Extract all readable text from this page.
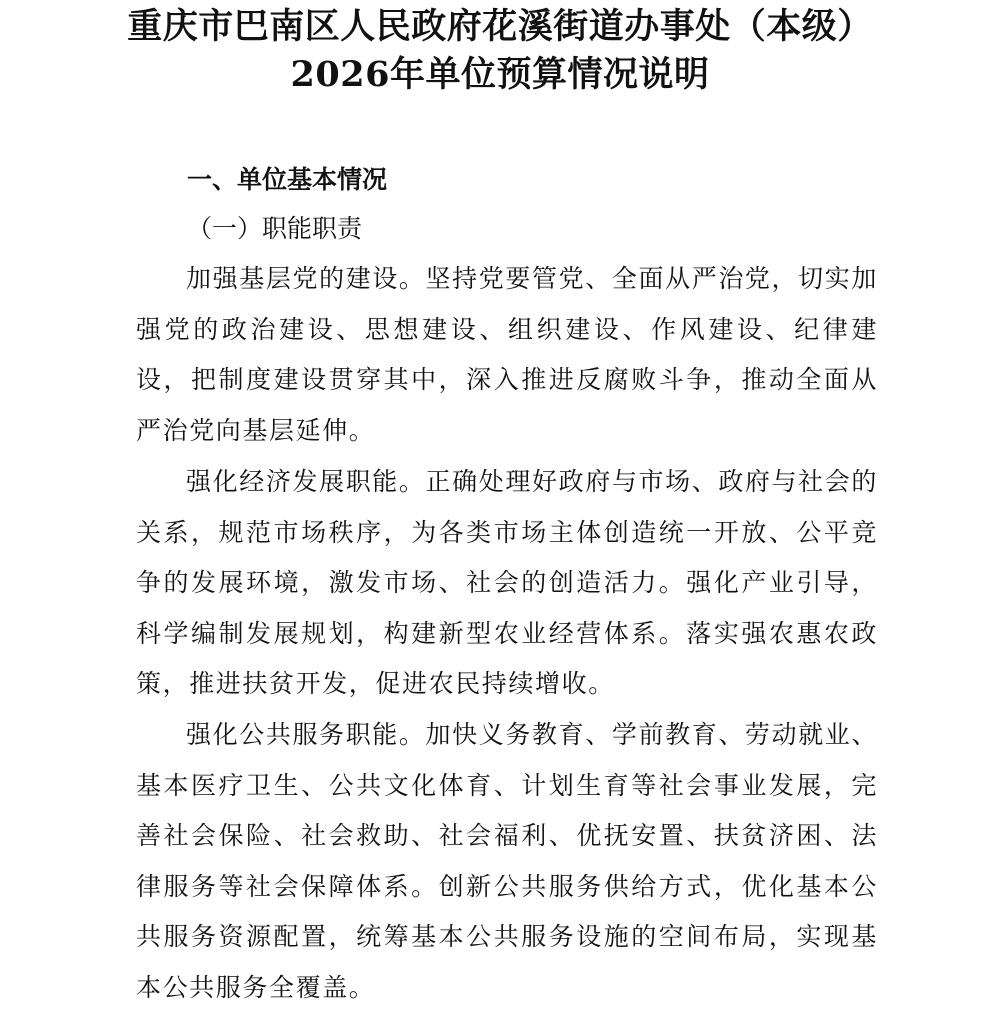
重庆市巴南区人民政府花溪街道办事处（本级）
2026年单位预算情况说明
一、单位基本情况
（一）职能职责

加强基层党的建设。坚持党要管党、全面从严治党，切实加强党的政治建设、思想建设、组织建设、作风建设、纪律建设，把制度建设贯穿其中，深入推进反腐败斗争，推动全面从严治党向基层延伸。

强化经济发展职能。正确处理好政府与市场、政府与社会的关系，规范市场秩序，为各类市场主体创造统一开放、公平竞争的发展环境，激发市场、社会的创造活力。强化产业引导，科学编制发展规划，构建新型农业经营体系。落实强农惠农政策，推进扶贫开发，促进农民持续增收。

强化公共服务职能。加快义务教育、学前教育、劳动就业、基本医疗卫生、公共文化体育、计划生育等社会事业发展，完善社会保险、社会救助、社会福利、优抚安置、扶贫济困、法律服务等社会保障体系。创新公共服务供给方式，优化基本公共服务资源配置，统筹基本公共服务设施的空间布局，实现基本公共服务全覆盖。
